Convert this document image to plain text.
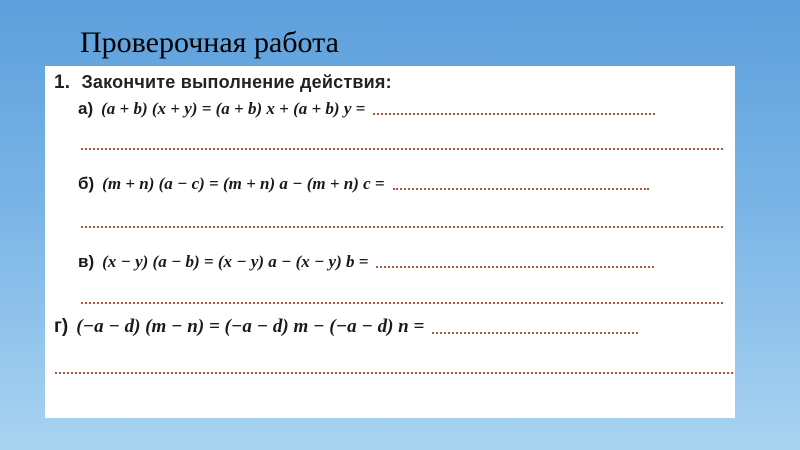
Проверочная работа
1. Закончите выполнение действия:
а) (a + b) (x + y) = (a + b) x + (a + b) y =
б) (m + n) (a − c) = (m + n) a − (m + n) c =
в) (x − y) (a − b) = (x − y) a − (x − y) b =
г) (−a − d) (m − n) = (−a − d) m − (−a − d) n =
